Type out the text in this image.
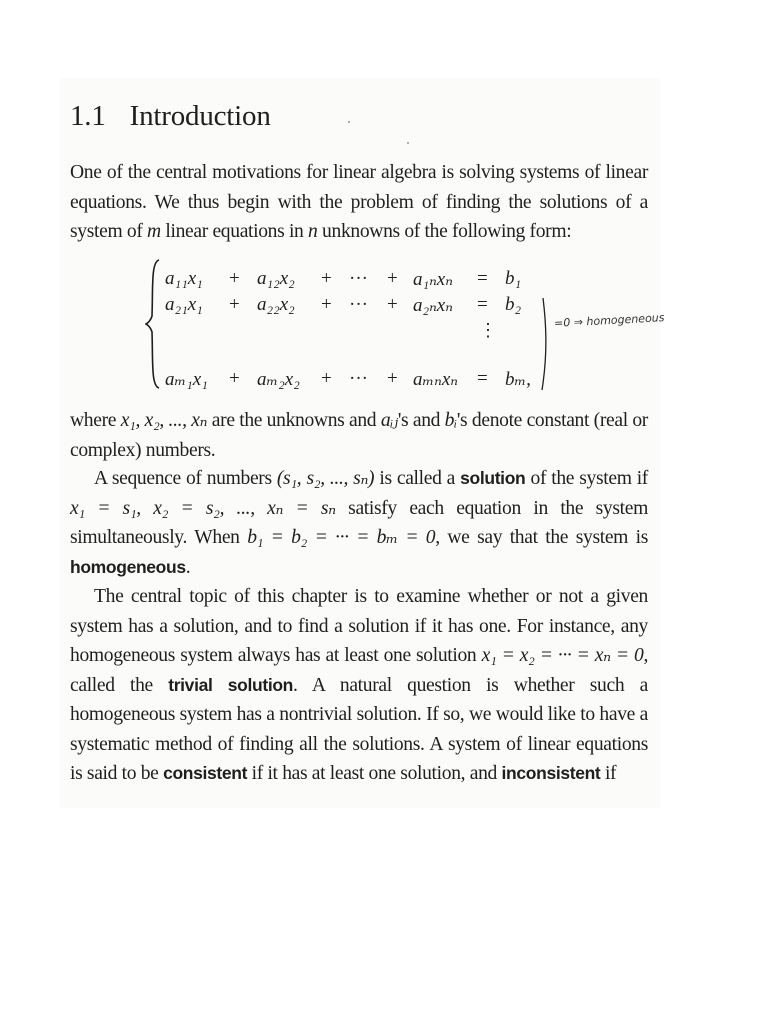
1.1 Introduction
One of the central motivations for linear algebra is solving systems of linear equations. We thus begin with the problem of finding the solutions of a system of m linear equations in n unknowns of the following form:
a₁₁x₁ + a₁₂x₂ + ··· + a₁ₙxₙ = b₁
a₂₁x₁ + a₂₂x₂ + ··· + a₂ₙxₙ = b₂
⋮
aₘ₁x₁ + aₘ₂x₂ + ··· + aₘₙxₙ = bₘ,
=0 ⇒ homogeneous
where x₁, x₂, ..., xₙ are the unknowns and aᵢⱼ's and bᵢ's denote constant (real or complex) numbers.
A sequence of numbers (s₁, s₂, ..., sₙ) is called a solution of the system if x₁ = s₁, x₂ = s₂, ..., xₙ = sₙ satisfy each equation in the system simultaneously. When b₁ = b₂ = ··· = bₘ = 0, we say that the system is homogeneous.
The central topic of this chapter is to examine whether or not a given system has a solution, and to find a solution if it has one. For instance, any homogeneous system always has at least one solution x₁ = x₂ = ··· = xₙ = 0, called the trivial solution. A natural question is whether such a homogeneous system has a nontrivial solution. If so, we would like to have a systematic method of finding all the solutions. A system of linear equations is said to be consistent if it has at least one solution, and inconsistent if
